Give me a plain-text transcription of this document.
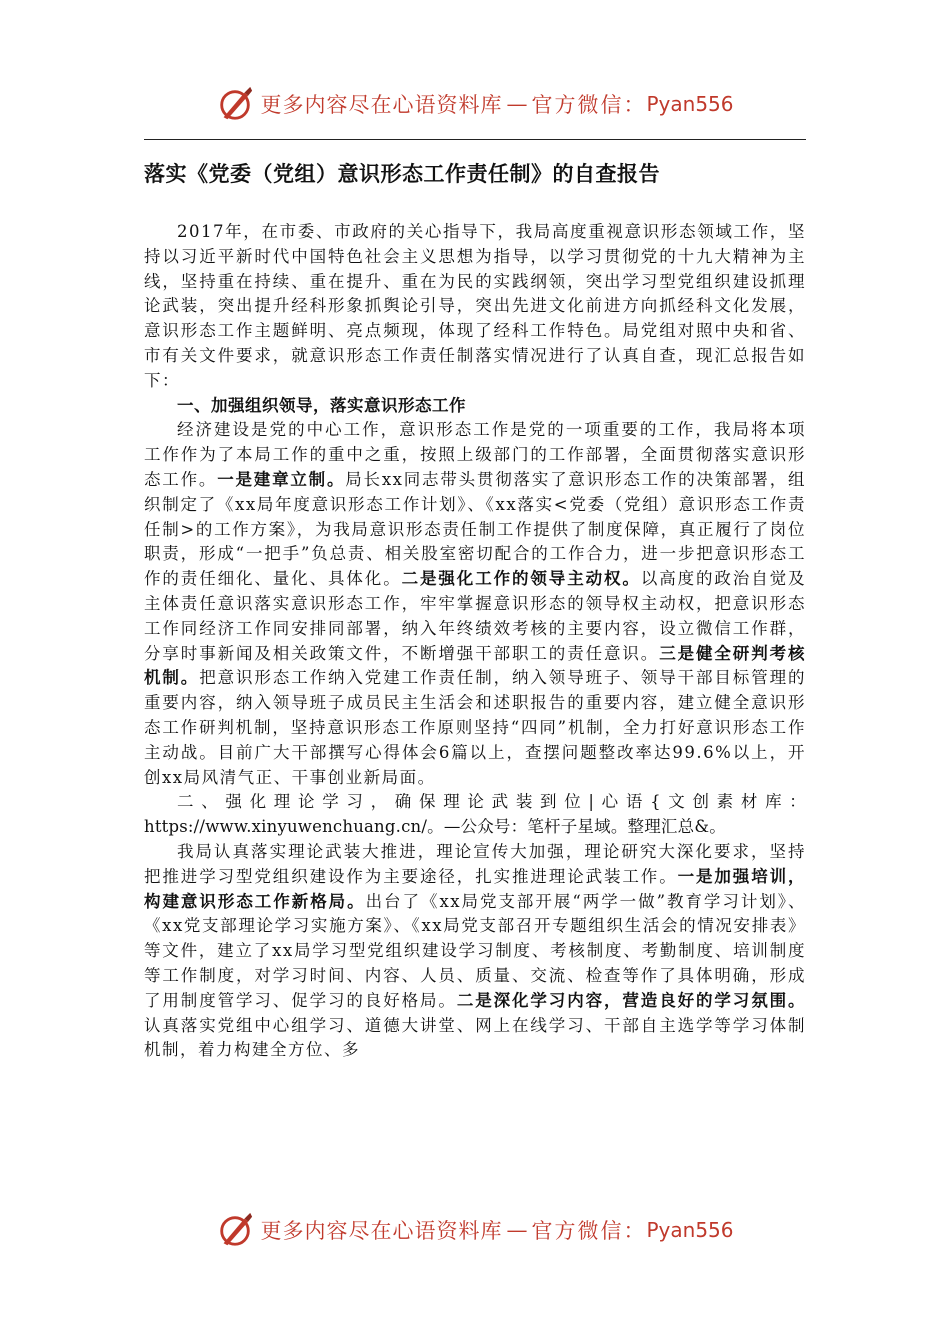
更多内容尽在心语资料库 — 官方微信： Pyan556
落实《党委（党组）意识形态工作责任制》的自查报告

2017年，在市委、市政府的关心指导下，我局高度重视意识形态领域工作，坚持以习近平新时代中国特色社会主义思想为指导，以学习贯彻党的十九大精神为主线，坚持重在持续、重在提升、重在为民的实践纲领，突出学习型党组织建设抓理论武装，突出提升经科形象抓舆论引导，突出先进文化前进方向抓经科文化发展，意识形态工作主题鲜明、亮点频现，体现了经科工作特色。局党组对照中央和省、市有关文件要求，就意识形态工作责任制落实情况进行了认真自查，现汇总报告如下：

一、加强组织领导，落实意识形态工作

经济建设是党的中心工作，意识形态工作是党的一项重要的工作，我局将本项工作作为了本局工作的重中之重，按照上级部门的工作部署，全面贯彻落实意识形态工作。一是建章立制。局长xx同志带头贯彻落实了意识形态工作的决策部署，组织制定了《xx局年度意识形态工作计划》、《xx落实<党委（党组）意识形态工作责任制>的工作方案》，为我局意识形态责任制工作提供了制度保障，真正履行了岗位职责，形成“一把手”负总责、相关股室密切配合的工作合力，进一步把意识形态工作的责任细化、量化、具体化。二是强化工作的领导主动权。以高度的政治自觉及主体责任意识落实意识形态工作，牢牢掌握意识形态的领导权主动权，把意识形态工作同经济工作同安排同部署，纳入年终绩效考核的主要内容，设立微信工作群，分享时事新闻及相关政策文件，不断增强干部职工的责任意识。三是健全研判考核机制。把意识形态工作纳入党建工作责任制，纳入领导班子、领导干部目标管理的重要内容，纳入领导班子成员民主生活会和述职报告的重要内容，建立健全意识形态工作研判机制，坚持意识形态工作原则坚持“四同”机制，全力打好意识形态工作主动战。目前广大干部撰写心得体会6篇以上，查摆问题整改率达99.6%以上，开创xx局风清气正、干事创业新局面。

二、强化理论学习，确保理论武装到位|心语{文创素材库：https://www.xinyuwenchuang.cn/。—公众号：笔杆子星域。整理汇总&。

我局认真落实理论武装大推进，理论宣传大加强，理论研究大深化要求，坚持把推进学习型党组织建设作为主要途径，扎实推进理论武装工作。一是加强培训，构建意识形态工作新格局。出台了《xx局党支部开展“两学一做”教育学习计划》、《xx党支部理论学习实施方案》、《xx局党支部召开专题组织生活会的情况安排表》等文件，建立了xx局学习型党组织建设学习制度、考核制度、考勤制度、培训制度等工作制度，对学习时间、内容、人员、质量、交流、检查等作了具体明确，形成了用制度管学习、促学习的良好格局。二是深化学习内容，营造良好的学习氛围。认真落实党组中心组学习、道德大讲堂、网上在线学习、干部自主选学等学习体制机制，着力构建全方位、多

更多内容尽在心语资料库 — 官方微信： Pyan556
